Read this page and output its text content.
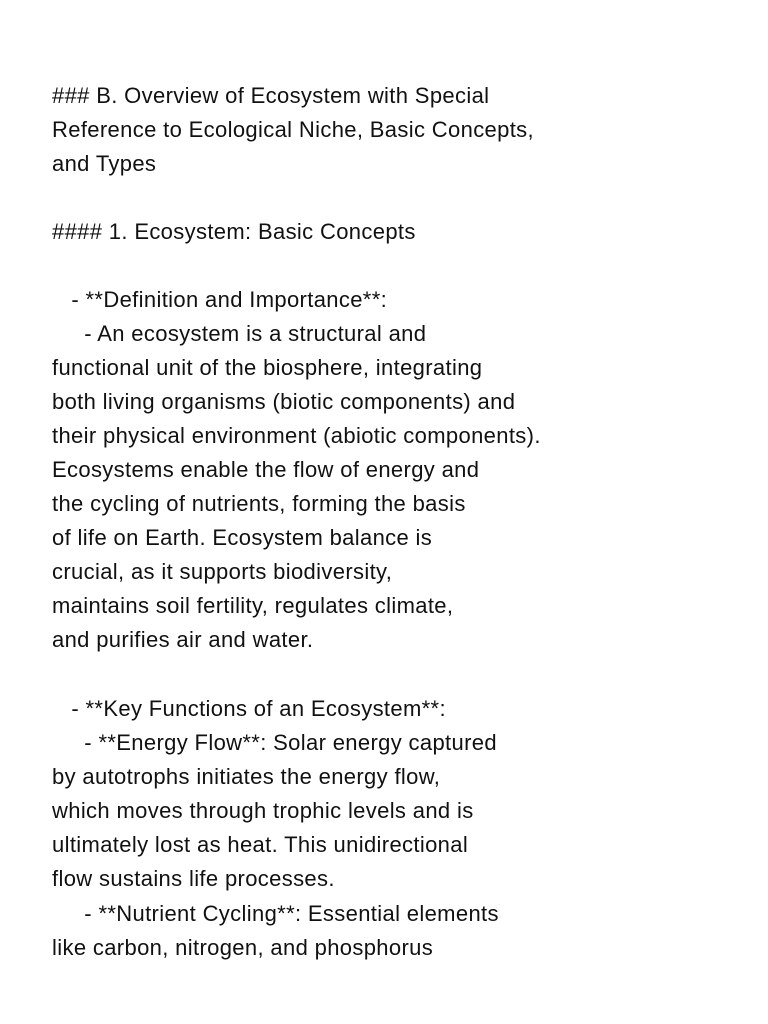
### B. Overview of Ecosystem with Special
Reference to Ecological Niche, Basic Concepts,
and Types
#### 1. Ecosystem: Basic Concepts
- **Definition and Importance**:
- An ecosystem is a structural and
functional unit of the biosphere, integrating
both living organisms (biotic components) and
their physical environment (abiotic components).
Ecosystems enable the flow of energy and
the cycling of nutrients, forming the basis
of life on Earth. Ecosystem balance is
crucial, as it supports biodiversity,
maintains soil fertility, regulates climate,
and purifies air and water.
- **Key Functions of an Ecosystem**:
- **Energy Flow**: Solar energy captured
by autotrophs initiates the energy flow,
which moves through trophic levels and is
ultimately lost as heat. This unidirectional
flow sustains life processes.
- **Nutrient Cycling**: Essential elements
like carbon, nitrogen, and phosphorus
